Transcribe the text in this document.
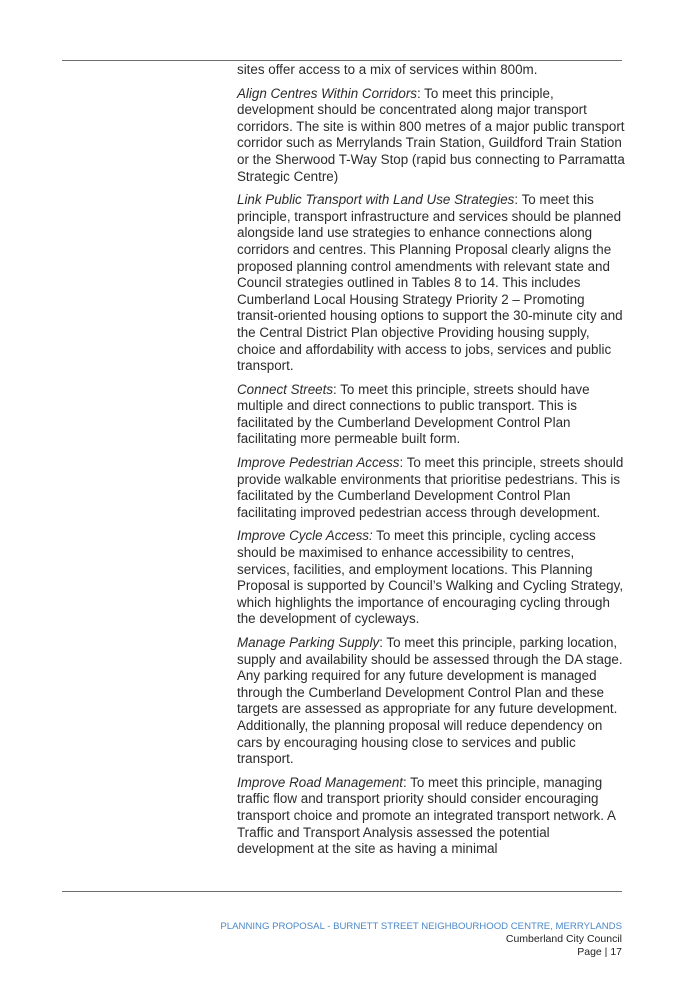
sites offer access to a mix of services within 800m.

Align Centres Within Corridors: To meet this principle, development should be concentrated along major transport corridors. The site is within 800 metres of a major public transport corridor such as Merrylands Train Station, Guildford Train Station or the Sherwood T-Way Stop (rapid bus connecting to Parramatta Strategic Centre)

Link Public Transport with Land Use Strategies: To meet this principle, transport infrastructure and services should be planned alongside land use strategies to enhance connections along corridors and centres. This Planning Proposal clearly aligns the proposed planning control amendments with relevant state and Council strategies outlined in Tables 8 to 14. This includes Cumberland Local Housing Strategy Priority 2 – Promoting transit-oriented housing options to support the 30-minute city and the Central District Plan objective Providing housing supply, choice and affordability with access to jobs, services and public transport.

Connect Streets: To meet this principle, streets should have multiple and direct connections to public transport. This is facilitated by the Cumberland Development Control Plan facilitating more permeable built form.

Improve Pedestrian Access: To meet this principle, streets should provide walkable environments that prioritise pedestrians. This is facilitated by the Cumberland Development Control Plan facilitating improved pedestrian access through development.

Improve Cycle Access: To meet this principle, cycling access should be maximised to enhance accessibility to centres, services, facilities, and employment locations. This Planning Proposal is supported by Council’s Walking and Cycling Strategy, which highlights the importance of encouraging cycling through the development of cycleways.

Manage Parking Supply: To meet this principle, parking location, supply and availability should be assessed through the DA stage. Any parking required for any future development is managed through the Cumberland Development Control Plan and these targets are assessed as appropriate for any future development. Additionally, the planning proposal will reduce dependency on cars by encouraging housing close to services and public transport.

Improve Road Management: To meet this principle, managing traffic flow and transport priority should consider encouraging transport choice and promote an integrated transport network. A Traffic and Transport Analysis assessed the potential development at the site as having a minimal

PLANNING PROPOSAL - BURNETT STREET NEIGHBOURHOOD CENTRE, MERRYLANDS
Cumberland City Council
Page | 17
